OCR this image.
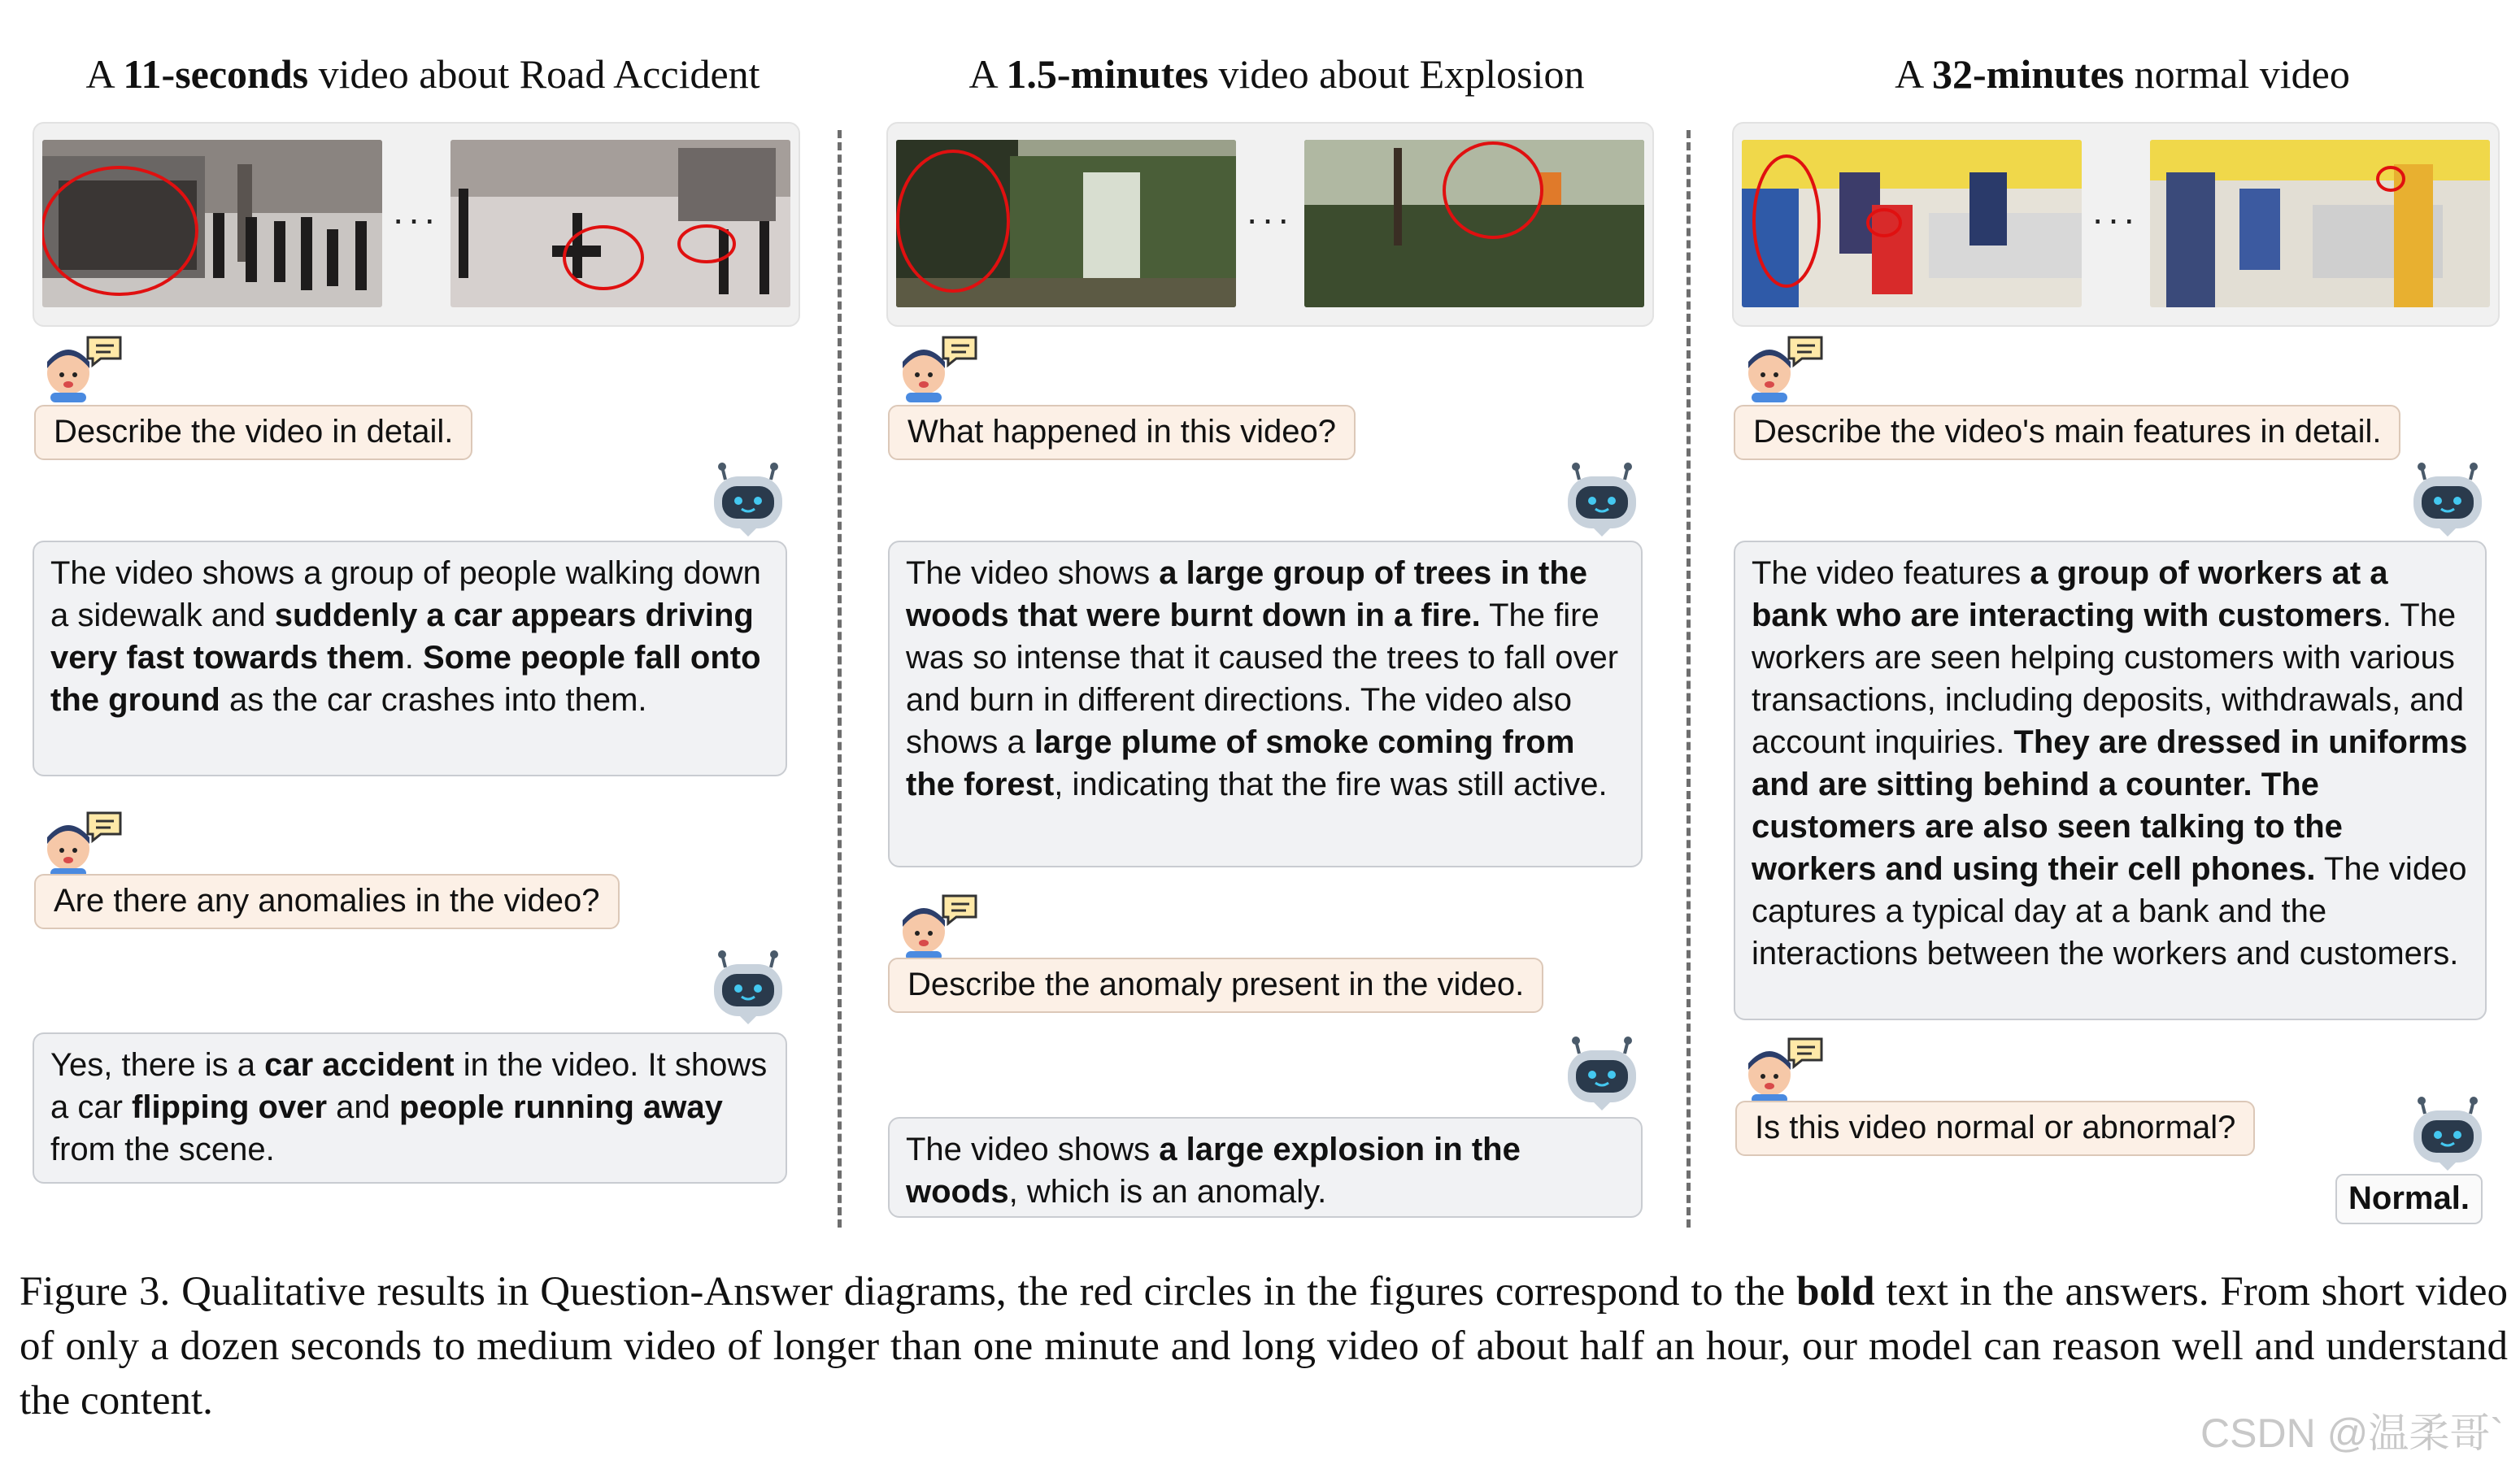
A 11-seconds video about Road Accident
···
A 1.5-minutes video about Explosion
···
A 32-minutes normal video
···
Describe the video in detail.
The video shows a group of people walking down a sidewalk and suddenly a car appears driving very fast towards them. Some people fall onto the ground as the car crashes into them.
Are there any anomalies in the video?
Yes, there is a car accident in the video. It shows a car flipping over and people running away from the scene.
What happened in this video?
The video shows a large group of trees in the woods that were burnt down in a fire. The fire was so intense that it caused the trees to fall over and burn in different directions. The video also shows a large plume of smoke coming from the forest, indicating that the fire was still active.
Describe the anomaly present in the video.
The video shows a large explosion in the woods, which is an anomaly.
Describe the video's main features in detail.
The video features a group of workers at a bank who are interacting with customers. The workers are seen helping customers with various transactions, including deposits, withdrawals, and account inquiries. They are dressed in uniforms and are sitting behind a counter. The customers are also seen talking to the workers and using their cell phones. The video captures a typical day at a bank and the interactions between the workers and customers.
Is this video normal or abnormal?
Normal.
Figure 3. Qualitative results in Question-Answer diagrams, the red circles in the figures correspond to the bold text in the answers. From short video of only a dozen seconds to medium video of longer than one minute and long video of about half an hour, our model can reason well and understand the content.
CSDN @温柔哥`
